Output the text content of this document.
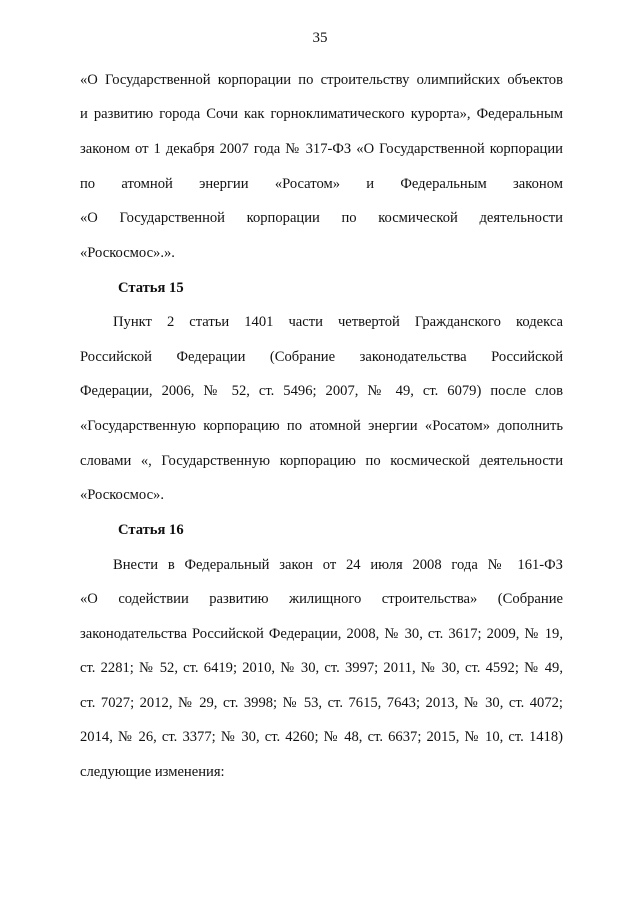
35
«О Государственной корпорации по строительству олимпийских объектов
и развитию города Сочи как горноклиматического курорта», Федеральным
законом от 1 декабря 2007 года № 317-ФЗ «О Государственной корпорации
по атомной энергии «Росатом» и Федеральным законом
«О Государственной корпорации по космической деятельности
«Роскосмос».».
Статья 15
Пункт 2 статьи 1401 части четвертой Гражданского кодекса
Российской Федерации (Собрание законодательства Российской
Федерации, 2006, № 52, ст. 5496; 2007, № 49, ст. 6079) после слов
«Государственную корпорацию по атомной энергии «Росатом» дополнить
словами «, Государственную корпорацию по космической деятельности
«Роскосмос».
Статья 16
Внести в Федеральный закон от 24 июля 2008 года № 161-ФЗ
«О содействии развитию жилищного строительства» (Собрание
законодательства Российской Федерации, 2008, № 30, ст. 3617; 2009, № 19,
ст. 2281; № 52, ст. 6419; 2010, № 30, ст. 3997; 2011, № 30, ст. 4592; № 49,
ст. 7027; 2012, № 29, ст. 3998; № 53, ст. 7615, 7643; 2013, № 30, ст. 4072;
2014, № 26, ст. 3377; № 30, ст. 4260; № 48, ст. 6637; 2015, № 10, ст. 1418)
следующие изменения:
